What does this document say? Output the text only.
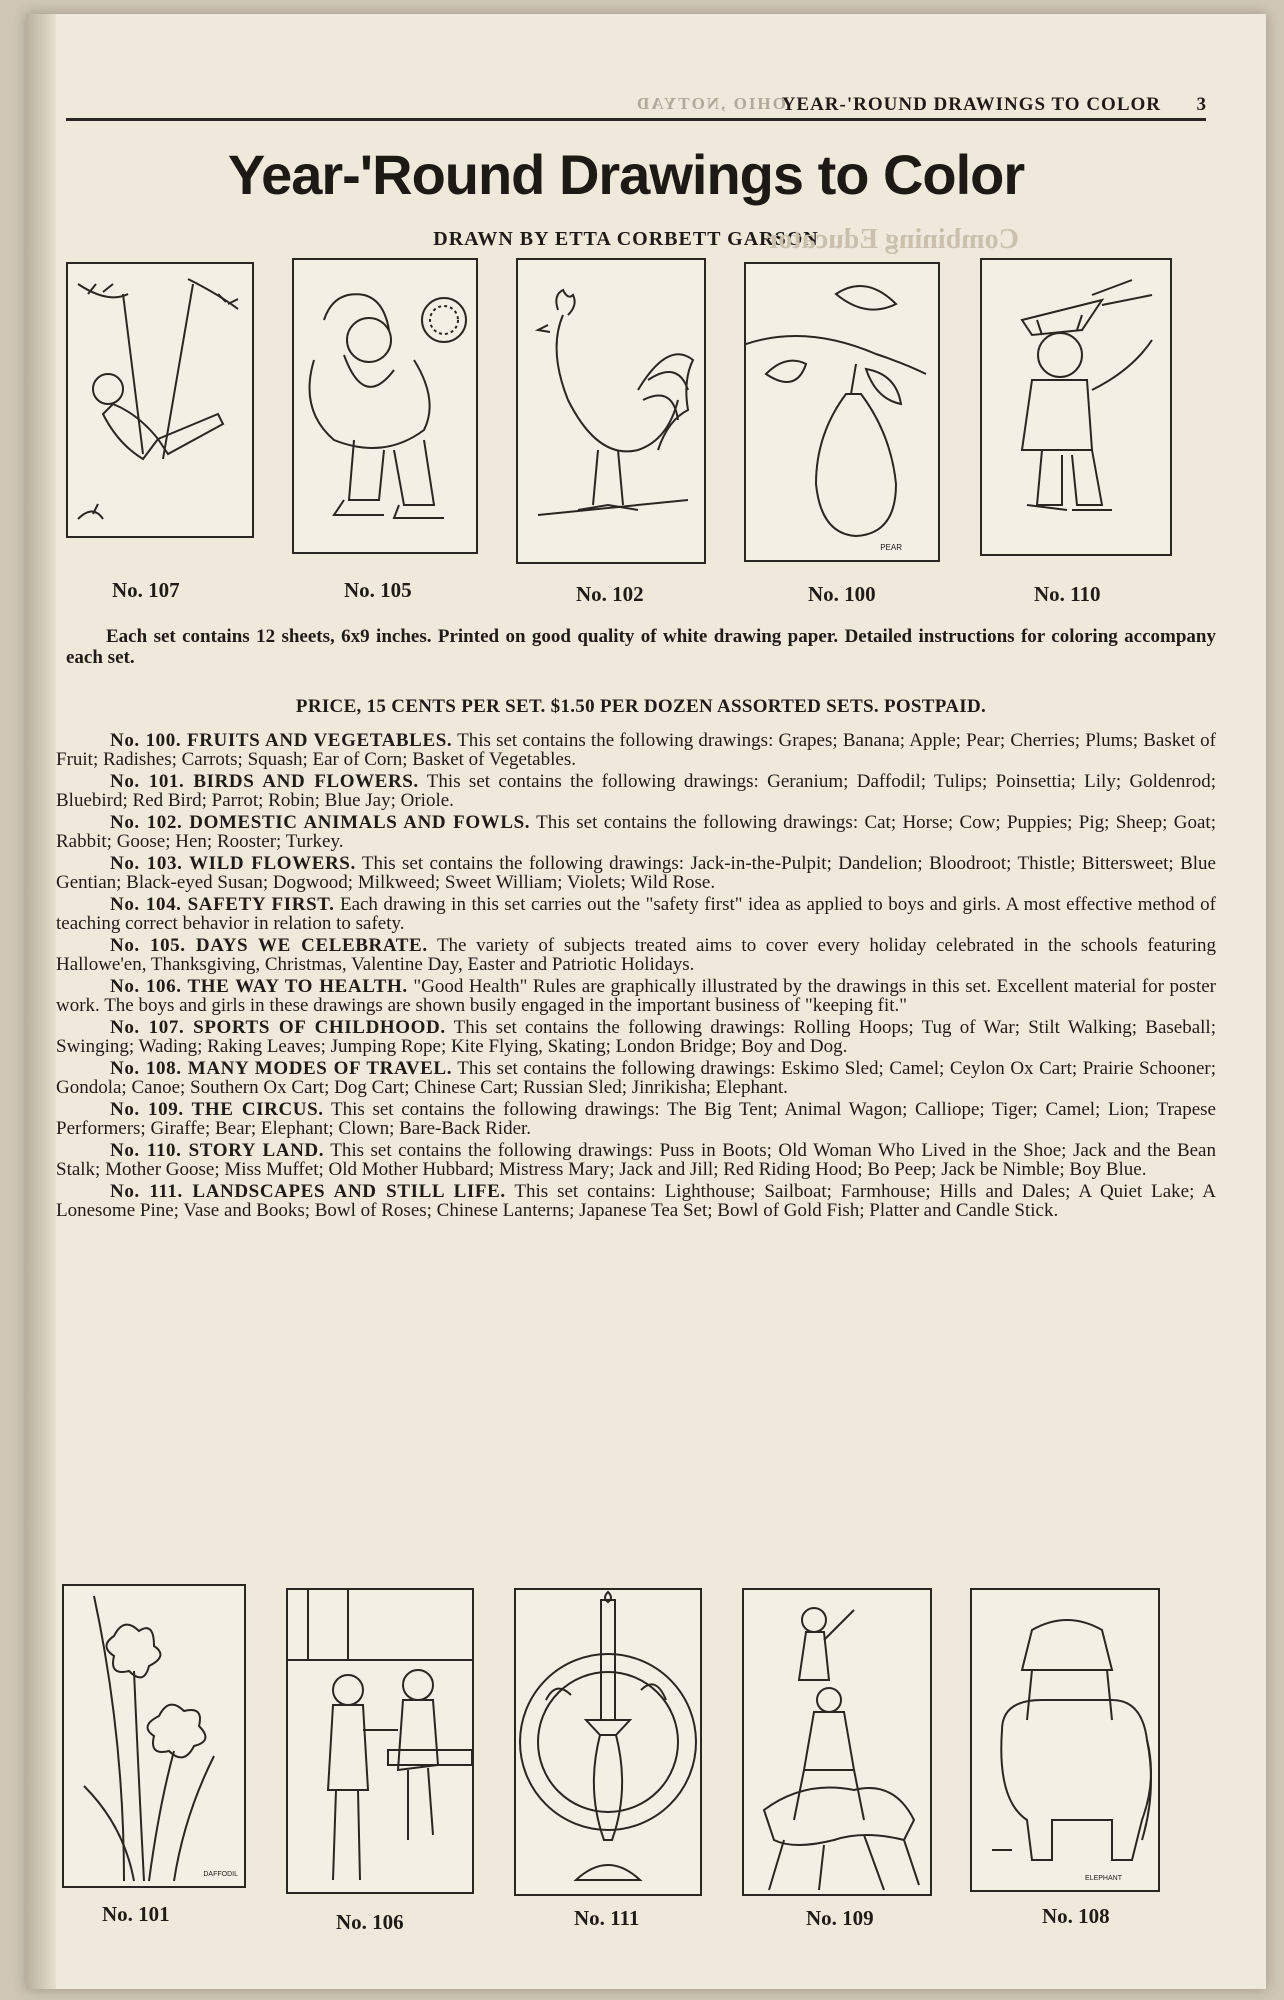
OHIO ,NOTYAD
YEAR-'ROUND DRAWINGS TO COLOR 3
Year-'Round Drawings to Color
DRAWN BY ETTA CORBETT GARSON
Combining Educator
PEAR
No. 107	No. 105	No. 102	No. 100	No. 110
Each set contains 12 sheets, 6x9 inches. Printed on good quality of white drawing paper. Detailed instructions for coloring accompany each set.
PRICE, 15 CENTS PER SET. $1.50 PER DOZEN ASSORTED SETS. POSTPAID.

No. 100. FRUITS AND VEGETABLES. This set contains the following drawings: Grapes; Banana; Apple; Pear; Cherries; Plums; Basket of Fruit; Radishes; Carrots; Squash; Ear of Corn; Basket of Vegetables.

No. 101. BIRDS AND FLOWERS. This set contains the following drawings: Geranium; Daffodil; Tulips; Poinsettia; Lily; Goldenrod; Bluebird; Red Bird; Parrot; Robin; Blue Jay; Oriole.

No. 102. DOMESTIC ANIMALS AND FOWLS. This set contains the following drawings: Cat; Horse; Cow; Puppies; Pig; Sheep; Goat; Rabbit; Goose; Hen; Rooster; Turkey.

No. 103. WILD FLOWERS. This set contains the following drawings: Jack-in-the-Pulpit; Dandelion; Bloodroot; Thistle; Bittersweet; Blue Gentian; Black-eyed Susan; Dogwood; Milkweed; Sweet William; Violets; Wild Rose.

No. 104. SAFETY FIRST. Each drawing in this set carries out the "safety first" idea as applied to boys and girls. A most effective method of teaching correct behavior in relation to safety.

No. 105. DAYS WE CELEBRATE. The variety of subjects treated aims to cover every holiday celebrated in the schools featuring Hallowe'en, Thanksgiving, Christmas, Valentine Day, Easter and Patriotic Holidays.

No. 106. THE WAY TO HEALTH. "Good Health" Rules are graphically illustrated by the drawings in this set. Excellent material for poster work. The boys and girls in these drawings are shown busily engaged in the important business of "keeping fit."

No. 107. SPORTS OF CHILDHOOD. This set contains the following drawings: Rolling Hoops; Tug of War; Stilt Walking; Baseball; Swinging; Wading; Raking Leaves; Jumping Rope; Kite Flying, Skating; London Bridge; Boy and Dog.

No. 108. MANY MODES OF TRAVEL. This set contains the following drawings: Eskimo Sled; Camel; Ceylon Ox Cart; Prairie Schooner; Gondola; Canoe; Southern Ox Cart; Dog Cart; Chinese Cart; Russian Sled; Jinrikisha; Elephant.

No. 109. THE CIRCUS. This set contains the following drawings: The Big Tent; Animal Wagon; Calliope; Tiger; Camel; Lion; Trapese Performers; Giraffe; Bear; Elephant; Clown; Bare-Back Rider.

No. 110. STORY LAND. This set contains the following drawings: Puss in Boots; Old Woman Who Lived in the Shoe; Jack and the Bean Stalk; Mother Goose; Miss Muffet; Old Mother Hubbard; Mistress Mary; Jack and Jill; Red Riding Hood; Bo Peep; Jack be Nimble; Boy Blue.

No. 111. LANDSCAPES AND STILL LIFE. This set contains: Lighthouse; Sailboat; Farmhouse; Hills and Dales; A Quiet Lake; A Lonesome Pine; Vase and Books; Bowl of Roses; Chinese Lanterns; Japanese Tea Set; Bowl of Gold Fish; Platter and Candle Stick.

DAFFODIL
ELEPHANT
No. 101	No. 106	No. 111	No. 109	No. 108
